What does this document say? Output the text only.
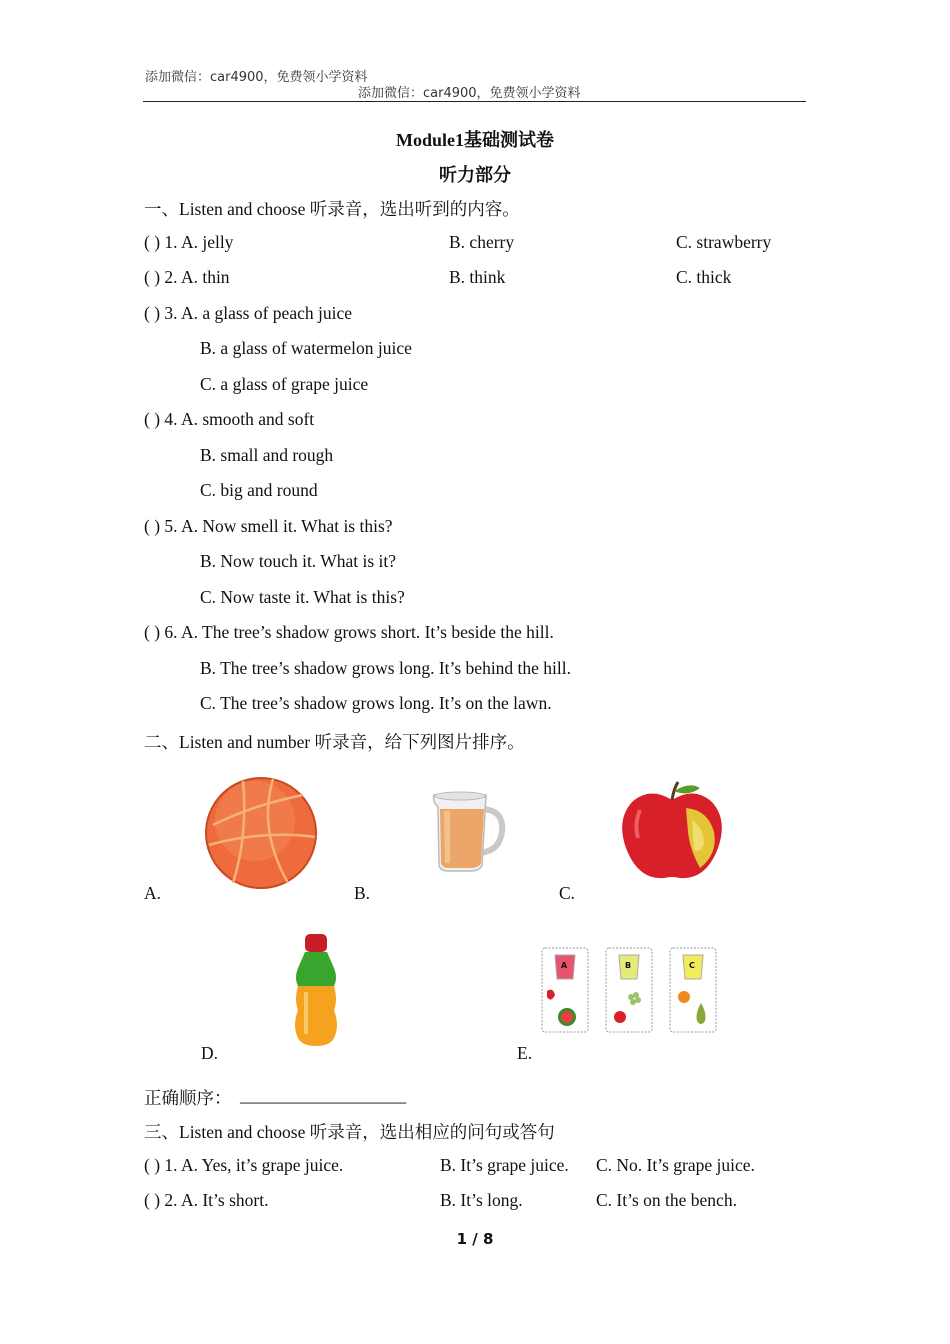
添加微信：car4900，免费领小学资料
添加微信：car4900，免费领小学资料
Module1基础测试卷
听力部分
一、Listen and choose 听录音，选出听到的内容。
( ) 1. A. jelly	B. cherry	C. strawberry
( ) 2. A. thin	B. think	C. thick
( ) 3. A. a glass of peach juice
B. a glass of watermelon juice
C. a glass of grape juice
( ) 4. A. smooth and soft
B. small and rough
C. big and round
( ) 5. A. Now smell it. What is this?
B. Now touch it. What is it?
C. Now taste it. What is this?
( ) 6. A. The tree’s shadow grows short. It’s beside the hill.
B. The tree’s shadow grows long. It’s behind the hill.
C. The tree’s shadow grows long. It’s on the lawn.
二、Listen and number 听录音，给下列图片排序。
A.	B.	C.
D.
A	B	C
E.
正确顺序： ___________________
三、Listen and choose 听录音，选出相应的问句或答句
( ) 1. A. Yes, it’s grape juice.	B. It’s grape juice. C. No. It’s grape juice.
( ) 2. A. It’s short.	B. It’s long.	C. It’s on the bench.
1 / 8
